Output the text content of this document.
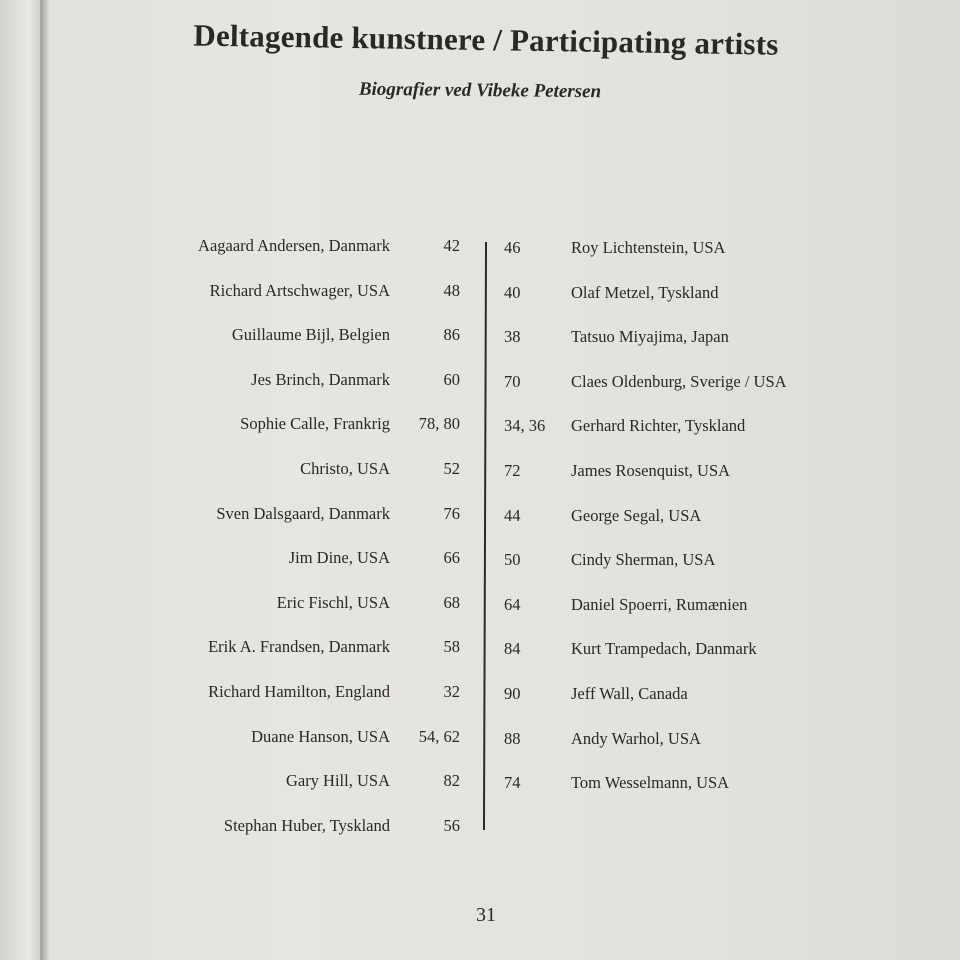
Deltagende kunstnere / Participating artists
Biografier ved Vibeke Petersen
Aagaard Andersen, Danmark	42
Richard Artschwager, USA	48
Guillaume Bijl, Belgien	86
Jes Brinch, Danmark	60
Sophie Calle, Frankrig 78, 80
Christo, USA	52
Sven Dalsgaard, Danmark	76
Jim Dine, USA	66
Eric Fischl, USA	68
Erik A. Frandsen, Danmark	58
Richard Hamilton, England	32
Duane Hanson, USA 54, 62
Gary Hill, USA	82
Stephan Huber, Tyskland	56
46	Roy Lichtenstein, USA
40	Olaf Metzel, Tyskland
38	Tatsuo Miyajima, Japan
70	Claes Oldenburg, Sverige / USA
34, 36 Gerhard Richter, Tyskland
72	James Rosenquist, USA
44	George Segal, USA
50	Cindy Sherman, USA
64	Daniel Spoerri, Rumænien
84	Kurt Trampedach, Danmark
90	Jeff Wall, Canada
88	Andy Warhol, USA
74	Tom Wesselmann, USA
31
